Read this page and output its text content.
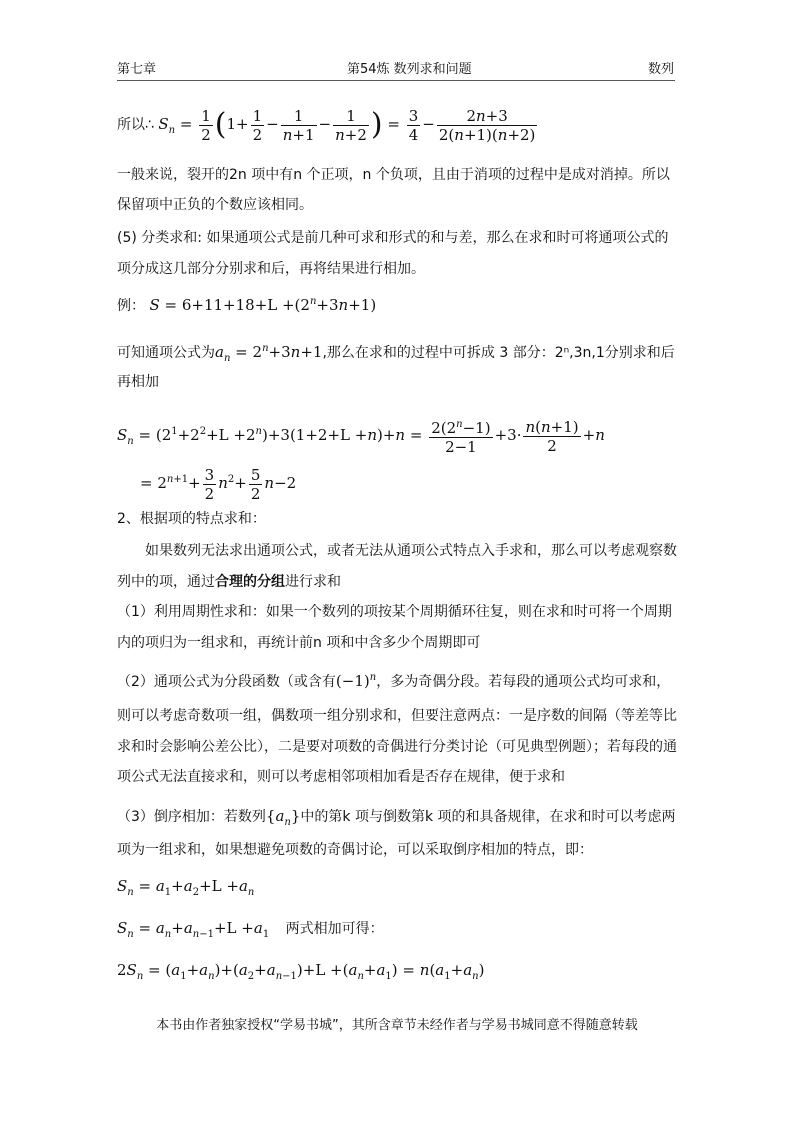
第七章	第54炼 数列求和问题	数列
所以∴ $S_n = \frac{1}{2} (1+ \frac{1}{2} - \frac{1}{n+1} - \frac{1}{n+2}$ ) = $\frac{3}{4} - \frac{2n+3}{2(n+1)(n+2)}$
一般来说，裂开的2n 项中有n 个正项，n 个负项，且由于消项的过程中是成对消掉。所以
保留项中正负的个数应该相同。
(5) 分类求和: 如果通项公式是前几种可求和形式的和与差，那么在求和时可将通项公式的
项分成这几部分分别求和后，再将结果进行相加。
例： $S = 6+11+18+L +(2^n+3n+1)$
可知通项公式为$a_n = 2^n+3n+1$,那么在求和的过程中可拆成 3 部分：2ⁿ,3n,1分别求和后
再相加
$S_n = (2^1+2^2+L +2^n)+3(1+2+L +n)+n = \frac{2(2^n-1)}{2-1} +3\cdot \frac{n(n+1)}{2} +n$
= $2^{n+1}+ \frac{3}{2} n^2+ \frac{5}{2} n-2$
2、根据项的特点求和：
如果数列无法求出通项公式，或者无法从通项公式特点入手求和，那么可以考虑观察数
列中的项，通过合理的分组进行求和
（1）利用周期性求和：如果一个数列的项按某个周期循环往复，则在求和时可将一个周期
内的项归为一组求和，再统计前n 项和中含多少个周期即可
（2）通项公式为分段函数（或含有$(-1)^n$，多为奇偶分段。若每段的通项公式均可求和，
则可以考虑奇数项一组，偶数项一组分别求和，但要注意两点：一是序数的间隔（等差等比
求和时会影响公差公比），二是要对项数的奇偶进行分类讨论（可见典型例题）；若每段的通
项公式无法直接求和，则可以考虑相邻项相加看是否存在规律，便于求和
（3）倒序相加：若数列$\{a_n\}$中的第k 项与倒数第k 项的和具备规律，在求和时可以考虑两
项为一组求和，如果想避免项数的奇偶讨论，可以采取倒序相加的特点，即：
$S_n = a_1+a_2+L +a_n$
$S_n = a_n+a_{n-1}+L +a_1$ 两式相加可得：
$2S_n = (a_1+a_n)+(a_2+a_{n-1})+L +(a_n+a_1) = n(a_1+a_n)$
本书由作者独家授权“学易书城”，其所含章节未经作者与学易书城同意不得随意转载
